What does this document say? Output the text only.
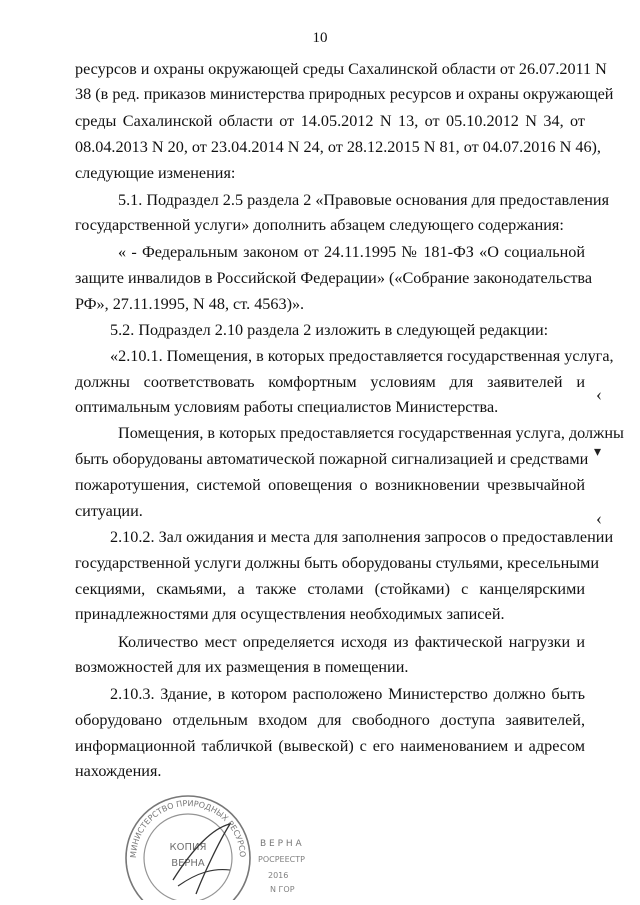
10
ресурсов и охраны окружающей среды Сахалинской области от 26.07.2011 N
38 (в ред. приказов министерства природных ресурсов и охраны окружающей
среды Сахалинской области от 14.05.2012 N 13, от 05.10.2012 N 34, от
08.04.2013 N 20, от 23.04.2014 N 24, от 28.12.2015 N 81, от 04.07.2016 N 46),
следующие изменения:
5.1. Подраздел 2.5 раздела 2 «Правовые основания для предоставления
государственной услуги» дополнить абзацем следующего содержания:
« - Федеральным законом от 24.11.1995 № 181-ФЗ «О социальной
защите инвалидов в Российской Федерации» («Собрание законодательства
РФ», 27.11.1995, N 48, ст. 4563)».
5.2. Подраздел 2.10 раздела 2 изложить в следующей редакции:
«2.10.1. Помещения, в которых предоставляется государственная услуга,
должны соответствовать комфортным условиям для заявителей и
оптимальным условиям работы специалистов Министерства.
Помещения, в которых предоставляется государственная услуга, должны
быть оборудованы автоматической пожарной сигнализацией и средствами
пожаротушения, системой оповещения о возникновении чрезвычайной
ситуации.
2.10.2. Зал ожидания и места для заполнения запросов о предоставлении
государственной услуги должны быть оборудованы стульями, кресельными
секциями, скамьями, а также столами (стойками) с канцелярскими
принадлежностями для осуществления необходимых записей.
Количество мест определяется исходя из фактической нагрузки и
возможностей для их размещения в помещении.
2.10.3. Здание, в котором расположено Министерство должно быть
оборудовано отдельным входом для свободного доступа заявителей,
информационной табличкой (вывеской) с его наименованием и адресом
нахождения.
‹
▾
‹
МИНИСТЕРСТВО ПРИРОДНЫХ РЕСУРСО
КОПИЯ
ВЕРНА
В Е Р Н А
РОСРЕЕСТР
2016
N ГОР
